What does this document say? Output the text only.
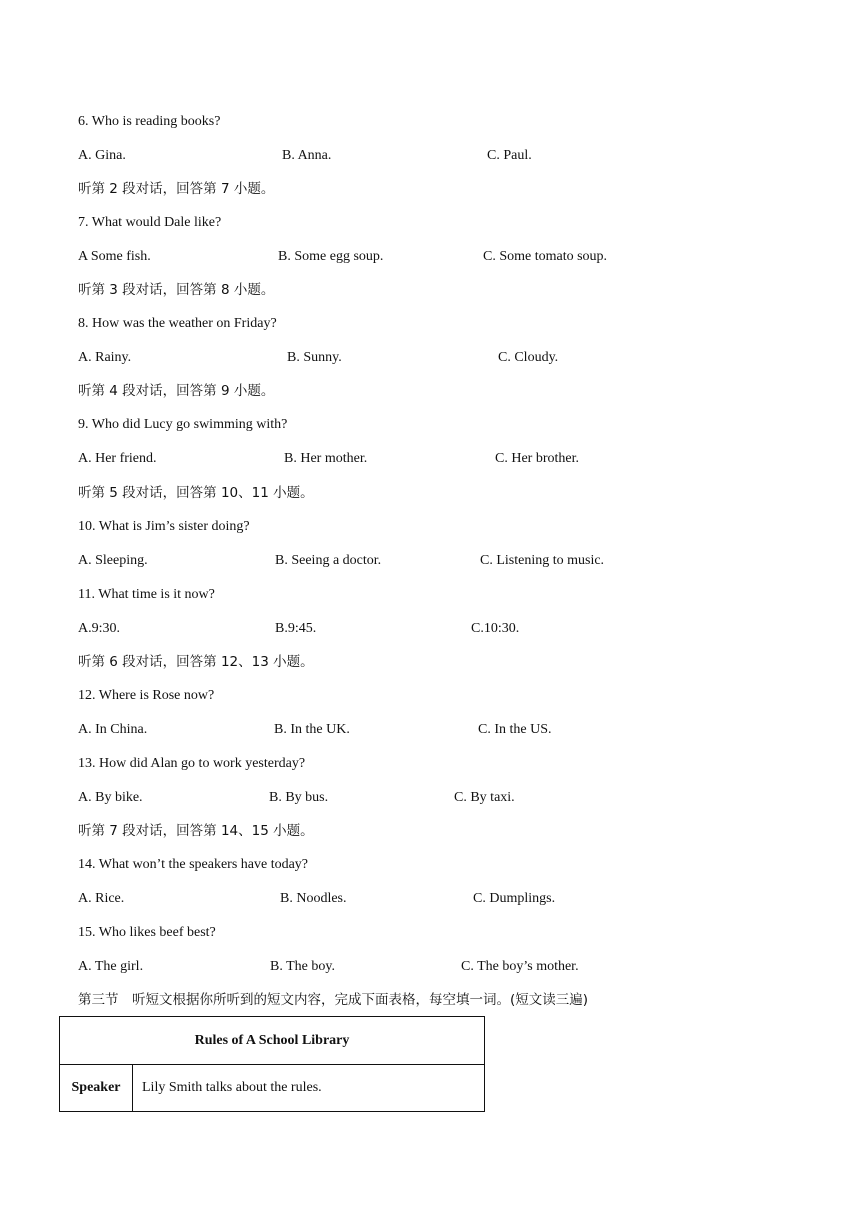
6. Who is reading books?
A. Gina.	B. Anna.	C. Paul.
听第 2 段对话，回答第 7 小题。
7. What would Dale like?
A Some fish.	B. Some egg soup.	C. Some tomato soup.
听第 3 段对话，回答第 8 小题。
8. How was the weather on Friday?
A. Rainy.	B. Sunny.	C. Cloudy.
听第 4 段对话，回答第 9 小题。
9. Who did Lucy go swimming with?
A. Her friend.	B. Her mother.	C. Her brother.
听第 5 段对话，回答第 10、11 小题。
10. What is Jim’s sister doing?
A. Sleeping.	B. Seeing a doctor.	C. Listening to music.
11. What time is it now?
A.9:30.	B.9:45.	C.10:30.
听第 6 段对话，回答第 12、13 小题。
12. Where is Rose now?
A. In China.	B. In the UK.	C. In the US.
13. How did Alan go to work yesterday?
A. By bike.	B. By bus.	C. By taxi.
听第 7 段对话，回答第 14、15 小题。
14. What won’t the speakers have today?
A. Rice.	B. Noodles.	C. Dumplings.
15. Who likes beef best?
A. The girl.	B. The boy.	C. The boy’s mother.
第三节　听短文根据你所听到的短文内容，完成下面表格，每空填一词。(短文读三遍)
Rules of A School Library
Speaker	Lily Smith talks about the rules.
